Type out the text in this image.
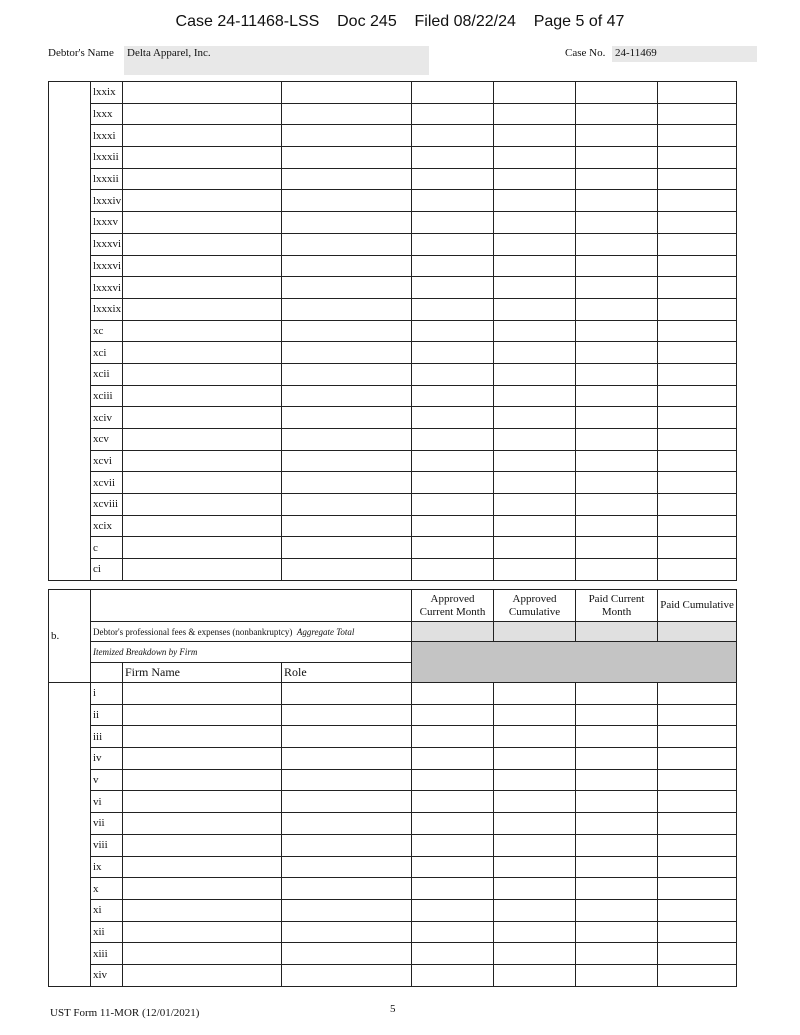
Case 24-11468-LSS    Doc 245    Filed 08/22/24    Page 5 of 47
Debtor's Name Delta Apparel, Inc.	Case No. 24-11469
	lxxix						
	lxxx						
	lxxxi						
	lxxxii						
	lxxxii						
	lxxxiv						
	lxxxv						
	lxxxvi						
	lxxxvi						
	lxxxvi						
	lxxxix						
	xc						
	xci						
	xcii						
	xciii						
	xciv						
	xcv						
	xcvi						
	xcvii						
	xcviii						
	xcix						
	c						
	ci						
b.				Approved Current Month	Approved Cumulative	Paid Current Month	Paid Cumulative
	Debtor's professional fees & expenses (nonbankruptcy) Aggregate Total						
	Itemized Breakdown by Firm						
		Firm Name	Role				
	i						
	ii						
	iii						
	iv						
	v						
	vi						
	vii						
	viii						
	ix						
	x						
	xi						
	xii						
	xiii						
	xiv						
UST Form 11-MOR (12/01/2021)	5
